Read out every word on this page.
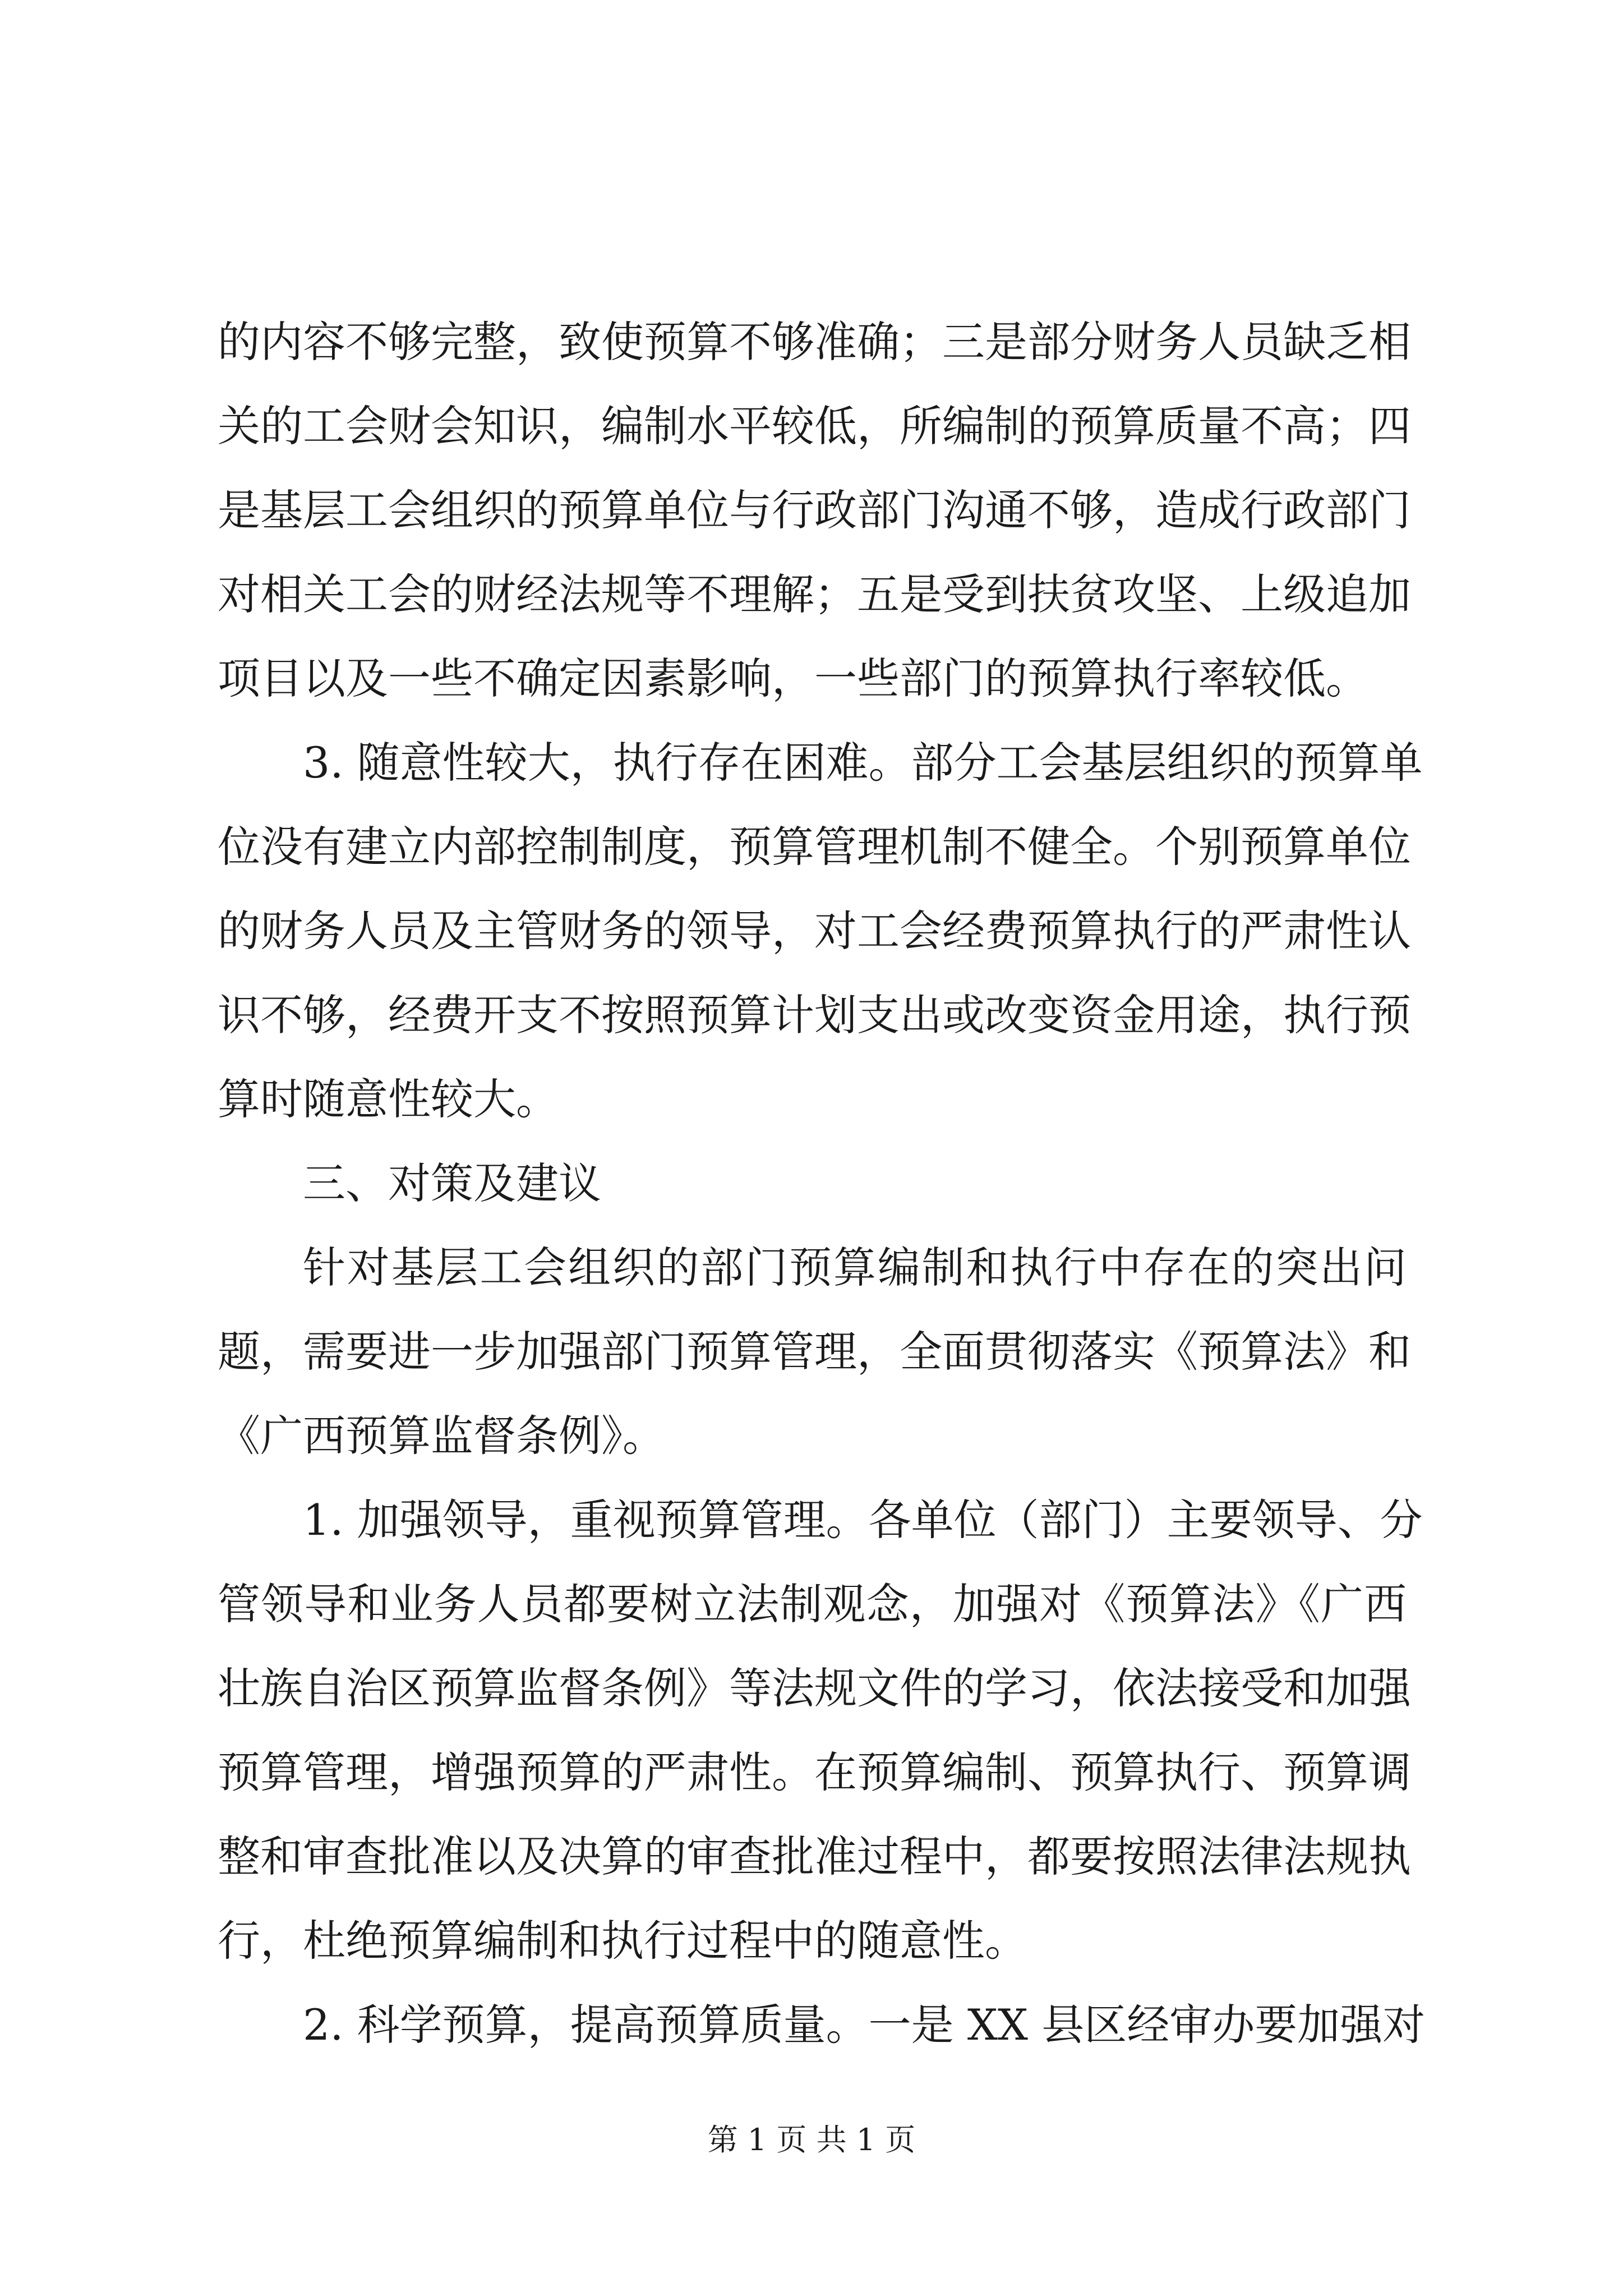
的内容不够完整，致使预算不够准确；三是部分财务人员缺乏相
关的工会财会知识，编制水平较低，所编制的预算质量不高；四
是基层工会组织的预算单位与行政部门沟通不够，造成行政部门
对相关工会的财经法规等不理解；五是受到扶贫攻坚、上级追加
项目以及一些不确定因素影响，一些部门的预算执行率较低。
3. 随意性较大，执行存在困难。部分工会基层组织的预算单
位没有建立内部控制制度，预算管理机制不健全。个别预算单位
的财务人员及主管财务的领导，对工会经费预算执行的严肃性认
识不够，经费开支不按照预算计划支出或改变资金用途，执行预
算时随意性较大。
三、对策及建议
针对基层工会组织的部门预算编制和执行中存在的突出问
题，需要进一步加强部门预算管理，全面贯彻落实《预算法》和
《广西预算监督条例》。
1. 加强领导，重视预算管理。各单位（部门）主要领导、分
管领导和业务人员都要树立法制观念，加强对《预算法》《广西
壮族自治区预算监督条例》等法规文件的学习，依法接受和加强
预算管理，增强预算的严肃性。在预算编制、预算执行、预算调
整和审查批准以及决算的审查批准过程中，都要按照法律法规执
行，杜绝预算编制和执行过程中的随意性。
2. 科学预算，提高预算质量。一是 XX 县区经审办要加强对
第 1 页 共 1 页
